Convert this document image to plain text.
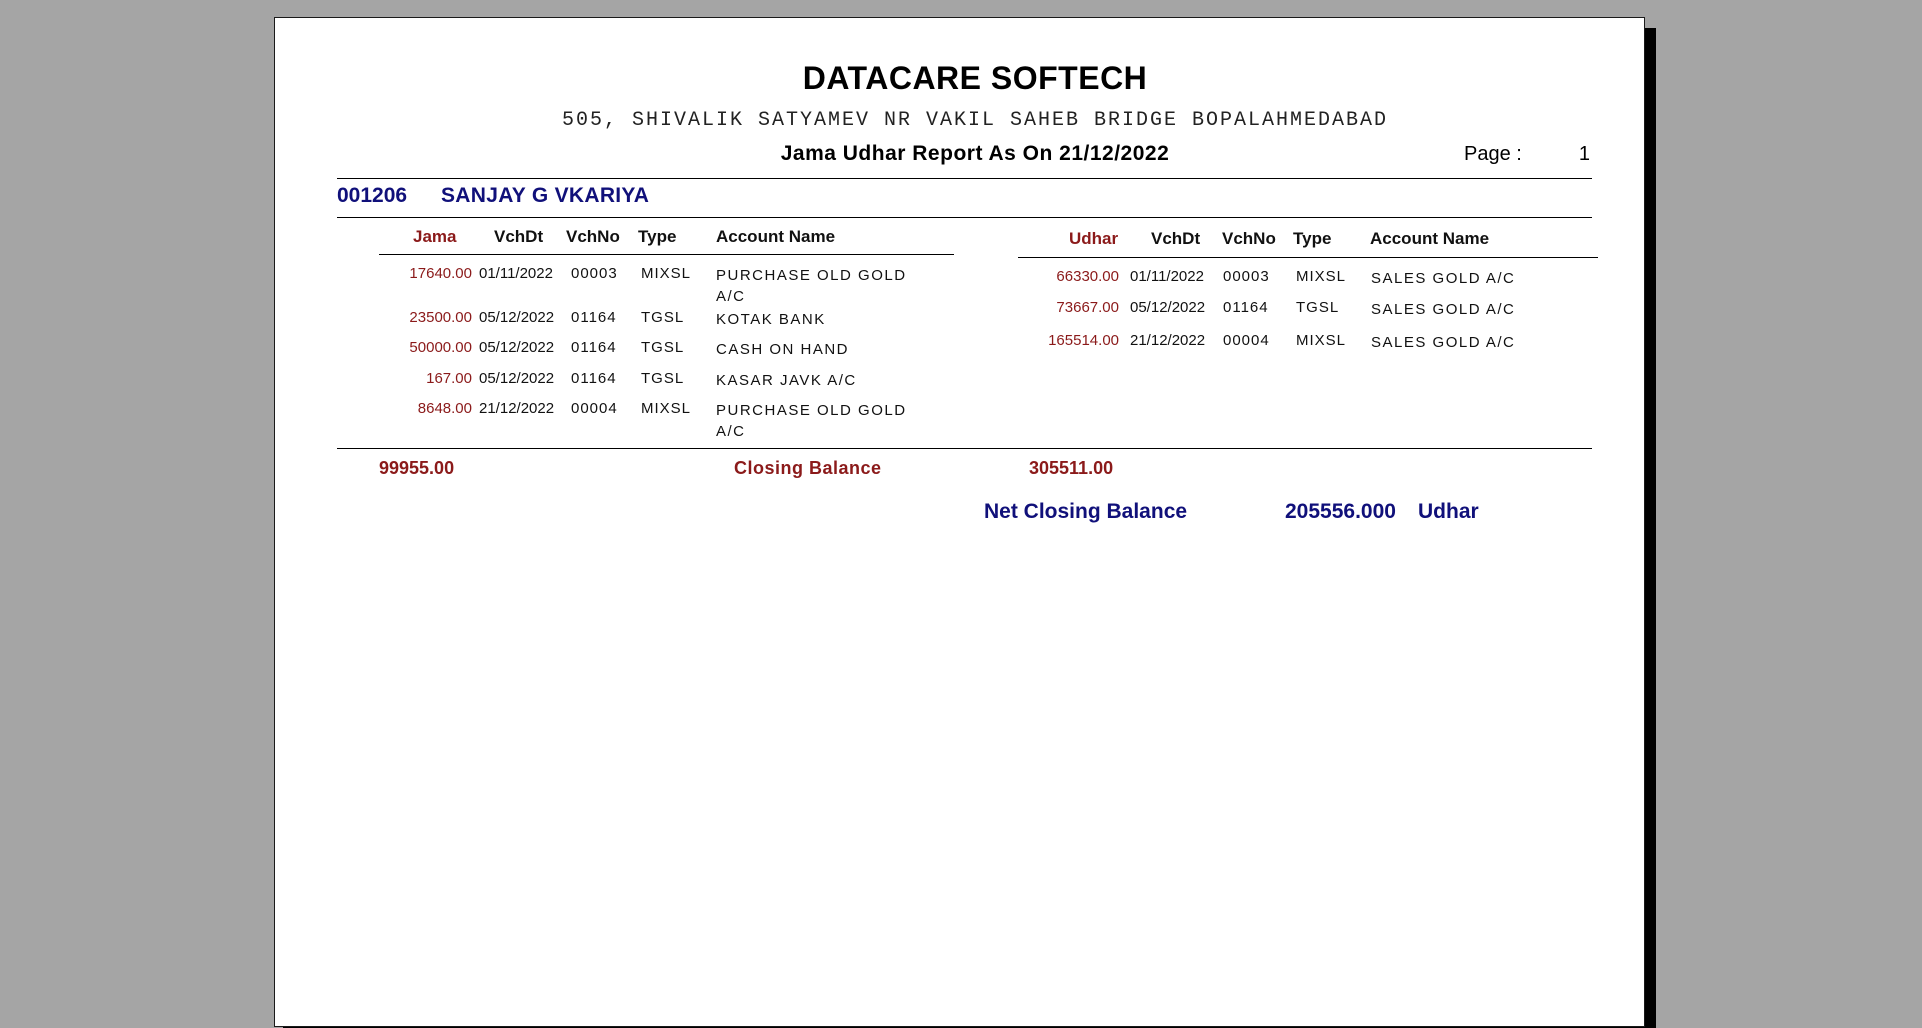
DATACARE SOFTECH
505, SHIVALIK SATYAMEV NR VAKIL SAHEB BRIDGE BOPALAHMEDABAD
Jama Udhar Report As On 21/12/2022	Page :	1
001206 SANJAY G VKARIYA
Jama VchDt VchNo Type Account Name
17640.00 01/11/2022 00003 MIXSL PURCHASE OLD GOLD A/C
23500.00 05/12/2022 01164 TGSL KOTAK BANK
50000.00 05/12/2022 01164 TGSL CASH ON HAND
167.00 05/12/2022 01164 TGSL KASAR JAVK A/C
8648.00 21/12/2022 00004 MIXSL PURCHASE OLD GOLD A/C
Udhar VchDt VchNo Type Account Name
66330.00 01/11/2022 00003 MIXSL SALES GOLD A/C
73667.00 05/12/2022 01164 TGSL SALES GOLD A/C
165514.00 21/12/2022 00004 MIXSL SALES GOLD A/C
99955.00	Closing Balance	305511.00
Net Closing Balance	205556.000 Udhar
